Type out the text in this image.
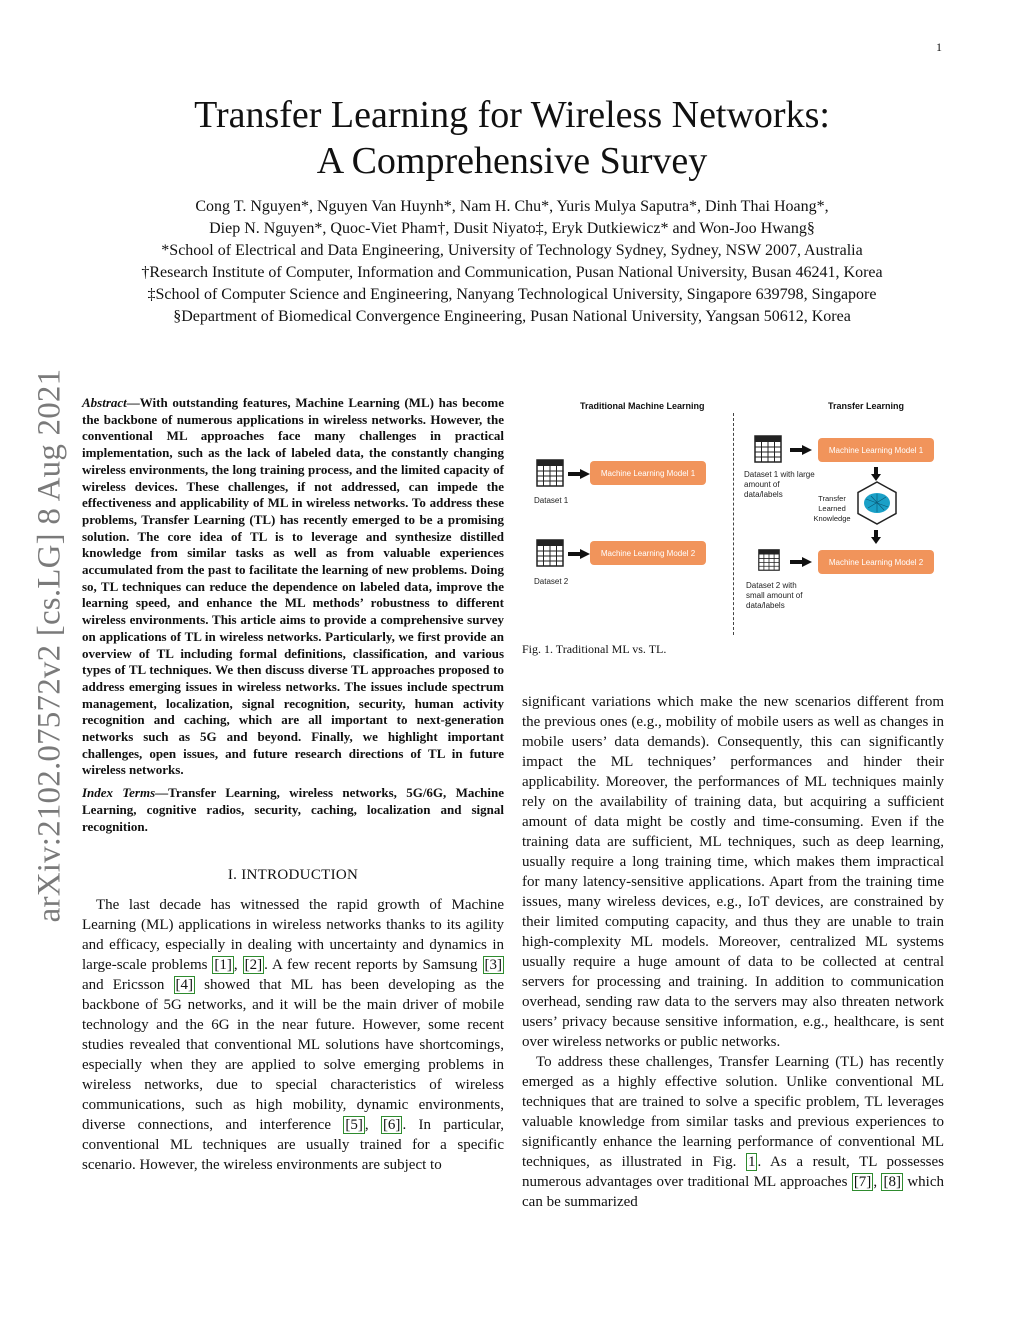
1
arXiv:2102.07572v2 [cs.LG] 8 Aug 2021
Transfer Learning for Wireless Networks:
A Comprehensive Survey
Cong T. Nguyen*, Nguyen Van Huynh*, Nam H. Chu*, Yuris Mulya Saputra*, Dinh Thai Hoang*,
Diep N. Nguyen*, Quoc-Viet Pham†, Dusit Niyato‡, Eryk Dutkiewicz* and Won-Joo Hwang§
*School of Electrical and Data Engineering, University of Technology Sydney, Sydney, NSW 2007, Australia
†Research Institute of Computer, Information and Communication, Pusan National University, Busan 46241, Korea
‡School of Computer Science and Engineering, Nanyang Technological University, Singapore 639798, Singapore
§Department of Biomedical Convergence Engineering, Pusan National University, Yangsan 50612, Korea
Abstract—With outstanding features, Machine Learning (ML) has become the backbone of numerous applications in wireless networks. However, the conventional ML approaches face many challenges in practical implementation, such as the lack of labeled data, the constantly changing wireless environments, the long training process, and the limited capacity of wireless devices. These challenges, if not addressed, can impede the effectiveness and applicability of ML in wireless networks. To address these problems, Transfer Learning (TL) has recently emerged to be a promising solution. The core idea of TL is to leverage and synthesize distilled knowledge from similar tasks as well as from valuable experiences accumulated from the past to facilitate the learning of new problems. Doing so, TL techniques can reduce the dependence on labeled data, improve the learning speed, and enhance the ML methods’ robustness to different wireless environments. This article aims to provide a comprehensive survey on applications of TL in wireless networks. Particularly, we first provide an overview of TL including formal definitions, classification, and various types of TL techniques. We then discuss diverse TL approaches proposed to address emerging issues in wireless networks. The issues include spectrum management, localization, signal recognition, security, human activity recognition and caching, which are all important to next-generation networks such as 5G and beyond. Finally, we highlight important challenges, open issues, and future research directions of TL in future wireless networks.
Index Terms—Transfer Learning, wireless networks, 5G/6G, Machine Learning, cognitive radios, security, caching, localization and signal recognition.
I. INTRODUCTION

The last decade has witnessed the rapid growth of Machine Learning (ML) applications in wireless networks thanks to its agility and efficacy, especially in dealing with uncertainty and dynamics in large-scale problems [1] , [2] . A few recent reports by Samsung [3] and Ericsson [4] showed that ML has been developing as the backbone of 5G networks, and it will be the main driver of mobile technology and the 6G in the near future. However, some recent studies revealed that conventional ML solutions have shortcomings, especially when they are applied to solve emerging problems in wireless networks, due to special characteristics of wireless communications, such as high mobility, dynamic environments, diverse connections, and interference [5] , [6] . In particular, conventional ML techniques are usually trained for a specific scenario. However, the wireless environments are subject to

Traditional Machine Learning	Transfer Learning
Dataset 1
Machine Learning Model 1
Dataset 2
Machine Learning Model 2
Dataset 1 with large amount of data/labels
Machine Learning Model 1
Transfer Learned Knowledge
Dataset 2 with small amount of data/labels
Machine Learning Model 2
Fig. 1. Traditional ML vs. TL.

significant variations which make the new scenarios different from the previous ones (e.g., mobility of mobile users as well as changes in mobile users’ data demands). Consequently, this can significantly impact the ML techniques’ performances and hinder their applicability. Moreover, the performances of ML techniques mainly rely on the availability of training data, but acquiring a sufficient amount of data might be costly and time-consuming. Even if the training data are sufficient, ML techniques, such as deep learning, usually require a long training time, which makes them impractical for many latency-sensitive applications. Apart from the training time issues, many wireless devices, e.g., IoT devices, are constrained by their limited computing capacity, and thus they are unable to train high-complexity ML models. Moreover, centralized ML systems usually require a huge amount of data to be collected at central servers for processing and training. In addition to communication overhead, sending raw data to the servers may also threaten network users’ privacy because sensitive information, e.g., healthcare, is sent over wireless networks or public networks.

To address these challenges, Transfer Learning (TL) has recently emerged as a highly effective solution. Unlike conventional ML techniques that are trained to solve a specific problem, TL leverages valuable knowledge from similar tasks and previous experiences to significantly enhance the learning performance of conventional ML techniques, as illustrated in Fig. 1 . As a result, TL possesses numerous advantages over traditional ML approaches [7] , [8] which can be summarized
